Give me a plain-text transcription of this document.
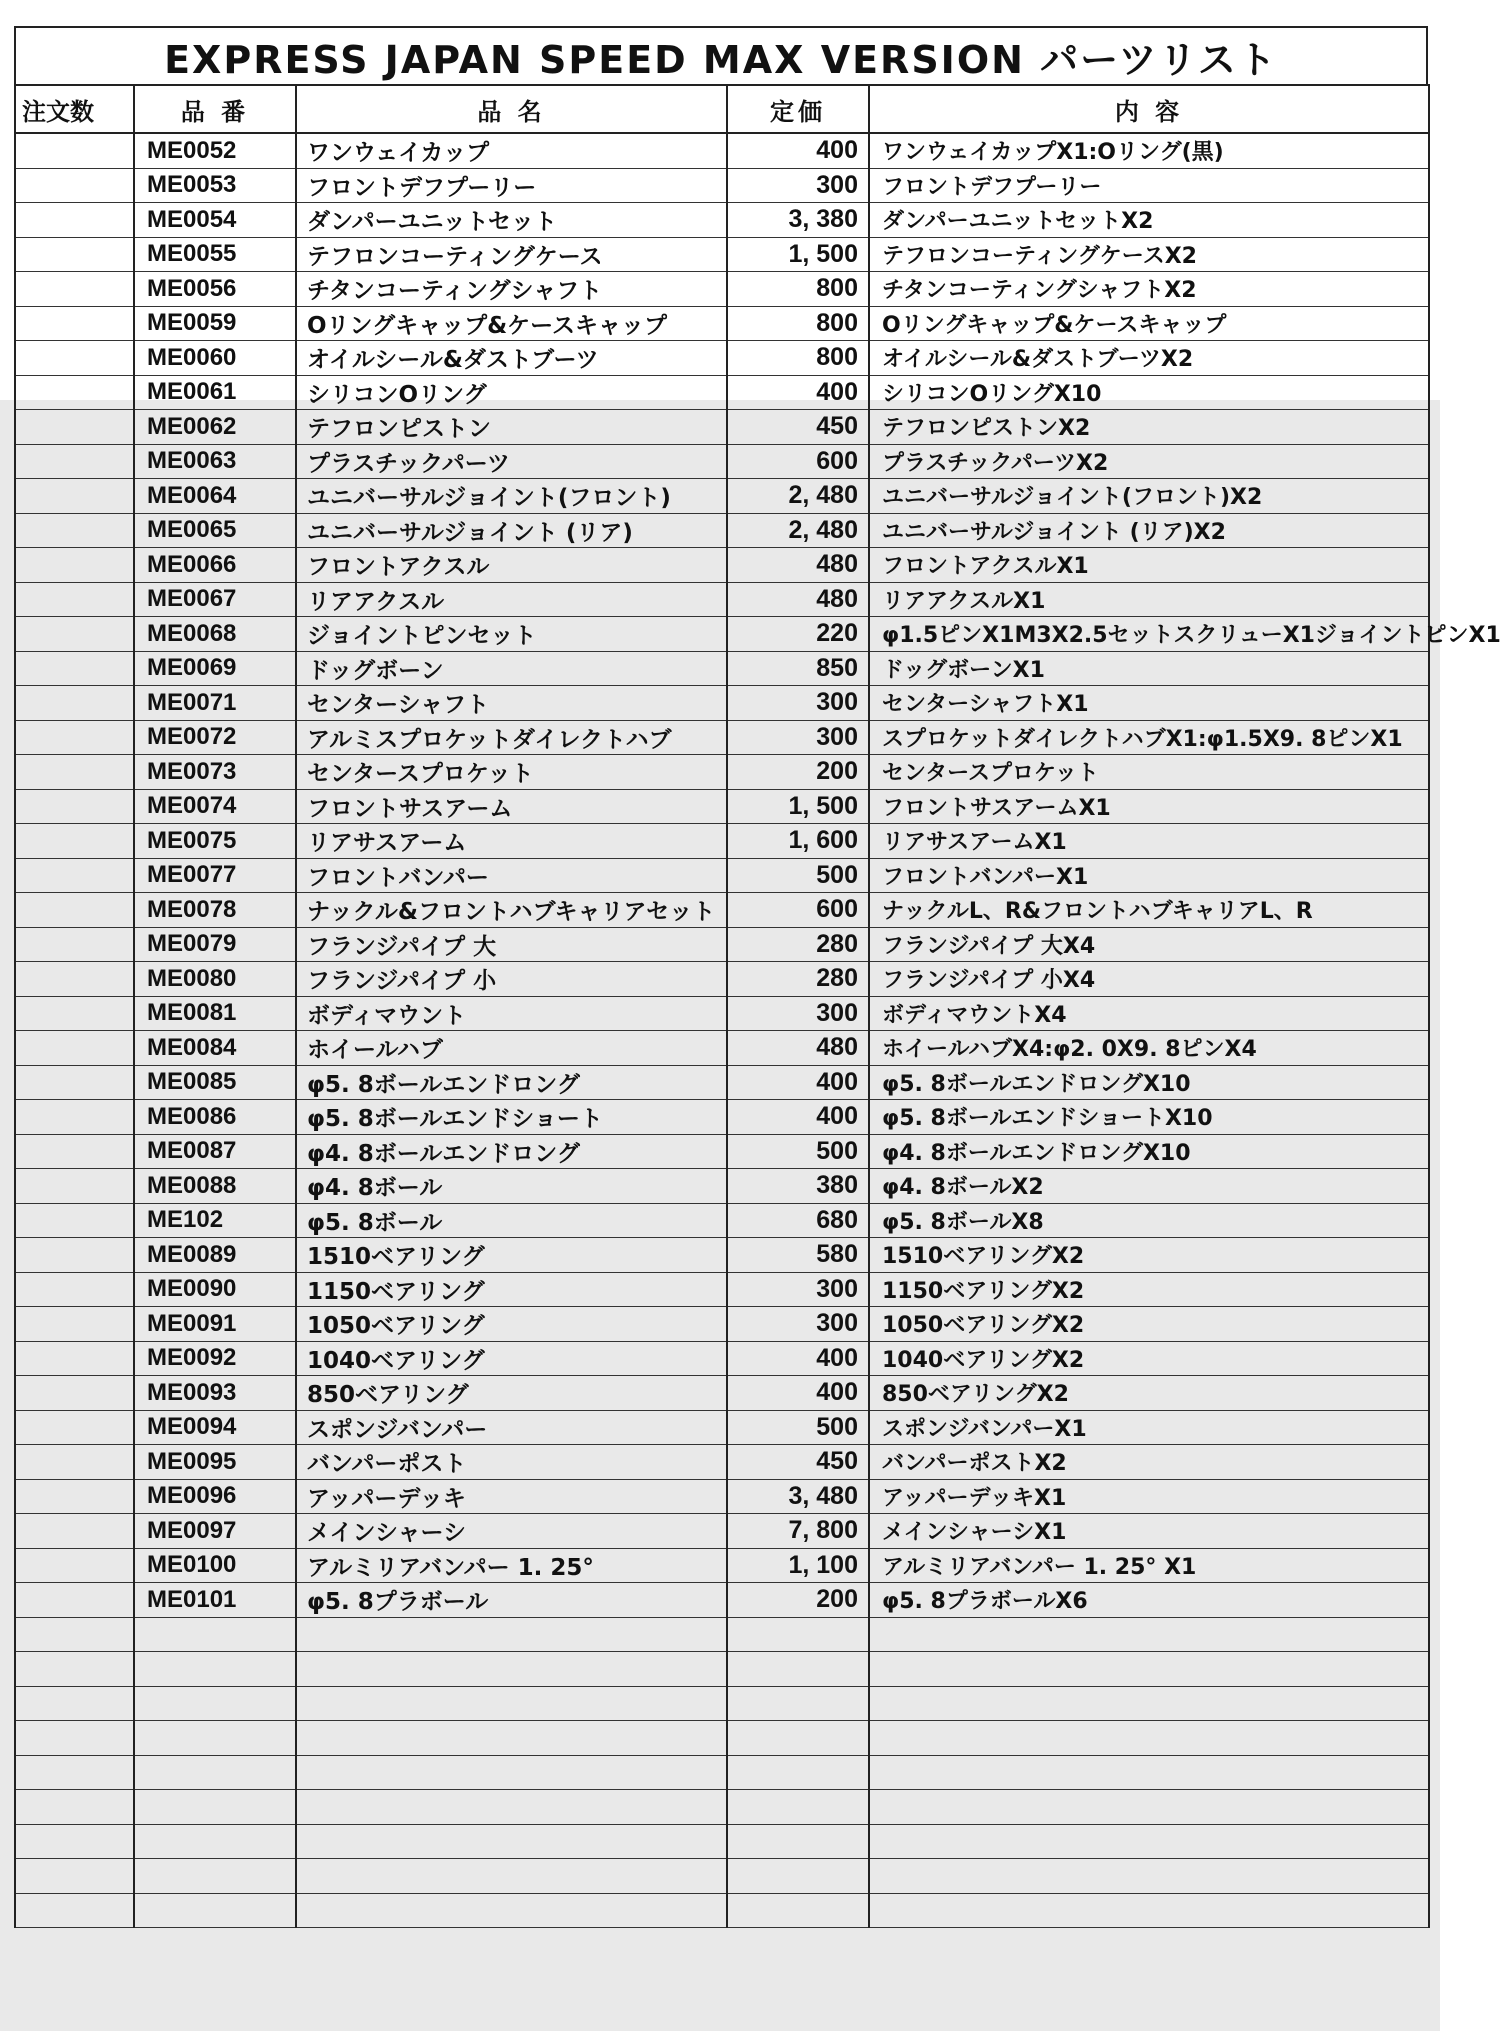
EXPRESS JAPAN SPEED MAX VERSION パーツリスト
注文数	品 番	品 名	定価	内 容
	ME0052	ワンウェイカップ	400	ワンウェイカップX1:Oリング(黒)
	ME0053	フロントデフプーリー	300	フロントデフプーリー
	ME0054	ダンパーユニットセット	3, 380	ダンパーユニットセットX2
	ME0055	テフロンコーティングケース	1, 500	テフロンコーティングケースX2
	ME0056	チタンコーティングシャフト	800	チタンコーティングシャフトX2
	ME0059	Oリングキャップ&ケースキャップ	800	Oリングキャップ&ケースキャップ
	ME0060	オイルシール&ダストブーツ	800	オイルシール&ダストブーツX2
	ME0061	シリコンOリング	400	シリコンOリングX10
	ME0062	テフロンピストン	450	テフロンピストンX2
	ME0063	プラスチックパーツ	600	プラスチックパーツX2
	ME0064	ユニバーサルジョイント(フロント)	2, 480	ユニバーサルジョイント(フロント)X2
	ME0065	ユニバーサルジョイント (リア)	2, 480	ユニバーサルジョイント (リア)X2
	ME0066	フロントアクスル	480	フロントアクスルX1
	ME0067	リアアクスル	480	リアアクスルX1
	ME0068	ジョイントピンセット	220	φ1.5ピンX1M3X2.5セットスクリューX1ジョイントピンX1
	ME0069	ドッグボーン	850	ドッグボーンX1
	ME0071	センターシャフト	300	センターシャフトX1
	ME0072	アルミスプロケットダイレクトハブ	300	スプロケットダイレクトハブX1:φ1.5X9. 8ピンX1
	ME0073	センタースプロケット	200	センタースプロケット
	ME0074	フロントサスアーム	1, 500	フロントサスアームX1
	ME0075	リアサスアーム	1, 600	リアサスアームX1
	ME0077	フロントバンパー	500	フロントバンパーX1
	ME0078	ナックル&フロントハブキャリアセット	600	ナックルL、R&フロントハブキャリアL、R
	ME0079	フランジパイプ 大	280	フランジパイプ 大X4
	ME0080	フランジパイプ 小	280	フランジパイプ 小X4
	ME0081	ボディマウント	300	ボディマウントX4
	ME0084	ホイールハブ	480	ホイールハブX4:φ2. 0X9. 8ピンX4
	ME0085	φ5. 8ボールエンドロング	400	φ5. 8ボールエンドロングX10
	ME0086	φ5. 8ボールエンドショート	400	φ5. 8ボールエンドショートX10
	ME0087	φ4. 8ボールエンドロング	500	φ4. 8ボールエンドロングX10
	ME0088	φ4. 8ボール	380	φ4. 8ボールX2
	ME102	φ5. 8ボール	680	φ5. 8ボールX8
	ME0089	1510ベアリング	580	1510ベアリングX2
	ME0090	1150ベアリング	300	1150ベアリングX2
	ME0091	1050ベアリング	300	1050ベアリングX2
	ME0092	1040ベアリング	400	1040ベアリングX2
	ME0093	850ベアリング	400	850ベアリングX2
	ME0094	スポンジバンパー	500	スポンジバンパーX1
	ME0095	バンパーポスト	450	バンパーポストX2
	ME0096	アッパーデッキ	3, 480	アッパーデッキX1
	ME0097	メインシャーシ	7, 800	メインシャーシX1
	ME0100	アルミリアバンパー 1. 25°	1, 100	アルミリアバンパー 1. 25° X1
	ME0101	φ5. 8プラボール	200	φ5. 8プラボールX6
